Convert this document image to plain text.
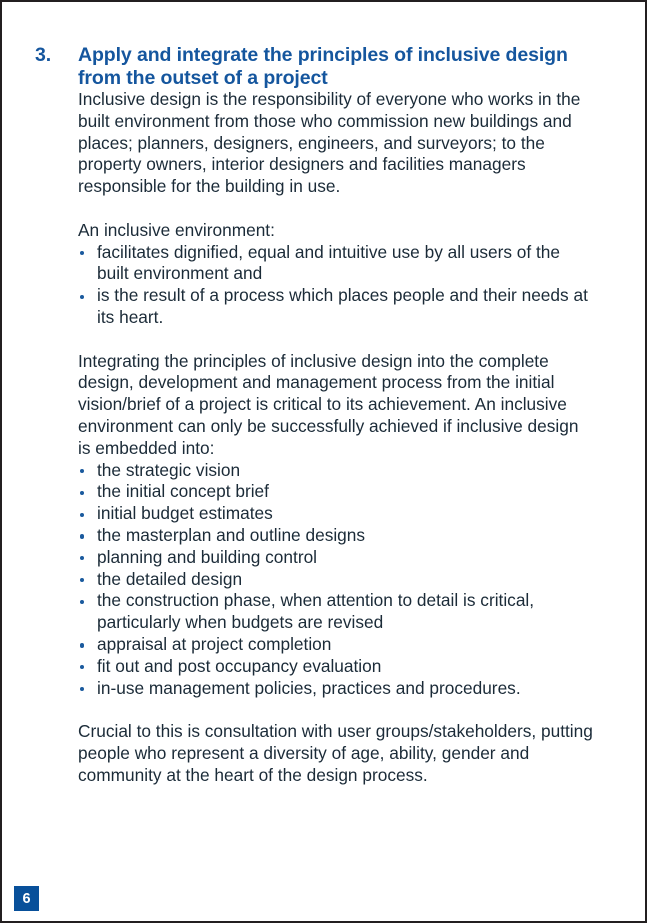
3.	Apply and integrate the principles of inclusive design from the outset of a project

Inclusive design is the responsibility of everyone who works in the built environment from those who commission new buildings and places; planners, designers, engineers, and surveyors; to the property owners, interior designers and facilities managers responsible for the building in use.

An inclusive environment:

facilitates dignified, equal and intuitive use by all users of the built environment and
is the result of a process which places people and their needs at its heart.

Integrating the principles of inclusive design into the complete design, development and management process from the initial vision/brief of a project is critical to its achievement. An inclusive environment can only be successfully achieved if inclusive design is embedded into:

the strategic vision
the initial concept brief
initial budget estimates
the masterplan and outline designs
planning and building control
the detailed design
the construction phase, when attention to detail is critical, particularly when budgets are revised
appraisal at project completion
fit out and post occupancy evaluation
in-use management policies, practices and procedures.

Crucial to this is consultation with user groups/stakeholders, putting people who represent a diversity of age, ability, gender and community at the heart of the design process.

6
